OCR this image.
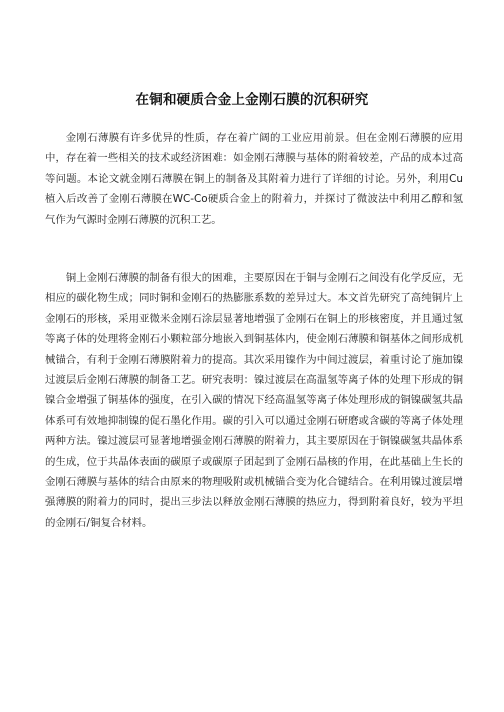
在铜和硬质合金上金刚石膜的沉积研究

金刚石薄膜有许多优异的性质，存在着广阔的工业应用前景。但在金刚石薄膜的应用中，存在着一些相关的技术或经济困难：如金刚石薄膜与基体的附着较差，产品的成本过高等问题。本论文就金刚石薄膜在铜上的制备及其附着力进行了详细的讨论。另外，利用Cu植入后改善了金刚石薄膜在WC-Co硬质合金上的附着力，并探讨了微波法中利用乙醇和氢气作为气源时金刚石薄膜的沉积工艺。

铜上金刚石薄膜的制备有很大的困难，主要原因在于铜与金刚石之间没有化学反应，无相应的碳化物生成；同时铜和金刚石的热膨胀系数的差异过大。本文首先研究了高纯铜片上金刚石的形核，采用亚微米金刚石涂层显著地增强了金刚石在铜上的形核密度，并且通过氢等离子体的处理将金刚石小颗粒部分地嵌入到铜基体内，使金刚石薄膜和铜基体之间形成机械锚合，有利于金刚石薄膜附着力的提高。其次采用镍作为中间过渡层，着重讨论了施加镍过渡层后金刚石薄膜的制备工艺。研究表明：镍过渡层在高温氢等离子体的处理下形成的铜镍合金增强了铜基体的强度，在引入碳的情况下经高温氢等离子体处理形成的铜镍碳氢共晶体系可有效地抑制镍的促石墨化作用。碳的引入可以通过金刚石研磨或含碳的等离子体处理两种方法。镍过渡层可显著地增强金刚石薄膜的附着力，其主要原因在于铜镍碳氢共晶体系的生成，位于共晶体表面的碳原子或碳原子团起到了金刚石晶核的作用，在此基础上生长的金刚石薄膜与基体的结合由原来的物理吸附或机械锚合变为化合键结合。在利用镍过渡层增强薄膜的附着力的同时，提出三步法以释放金刚石薄膜的热应力，得到附着良好，较为平坦的金刚石/铜复合材料。
